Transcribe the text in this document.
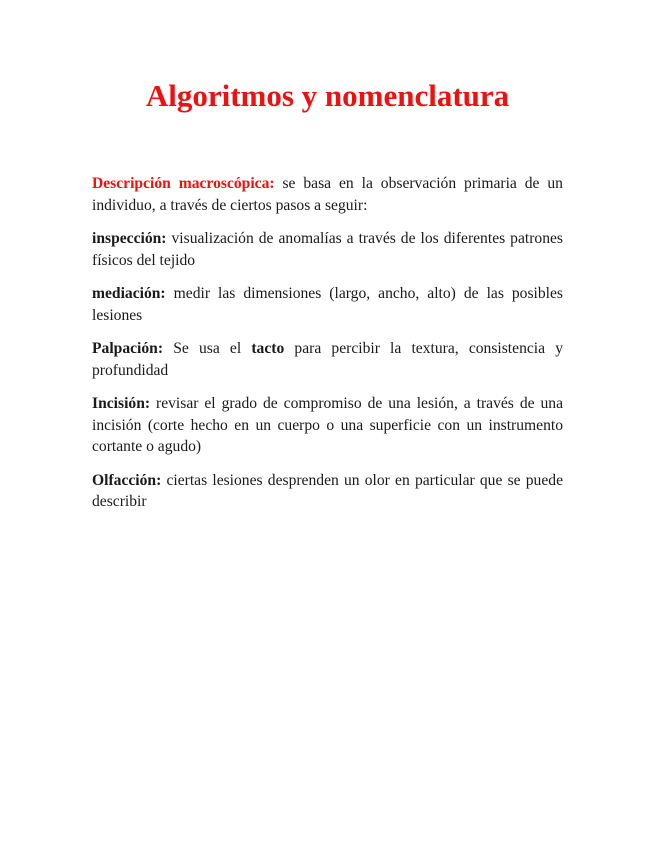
Algoritmos y nomenclatura

Descripción macroscópica: se basa en la observación primaria de un individuo, a través de ciertos pasos a seguir:

inspección: visualización de anomalías a través de los diferentes patrones físicos del tejido

mediación: medir las dimensiones (largo, ancho, alto) de las posibles lesiones

Palpación: Se usa el tacto para percibir la textura, consistencia y profundidad

Incisión: revisar el grado de compromiso de una lesión, a través de una incisión (corte hecho en un cuerpo o una superficie con un instrumento cortante o agudo)

Olfacción: ciertas lesiones desprenden un olor en particular que se puede describir
